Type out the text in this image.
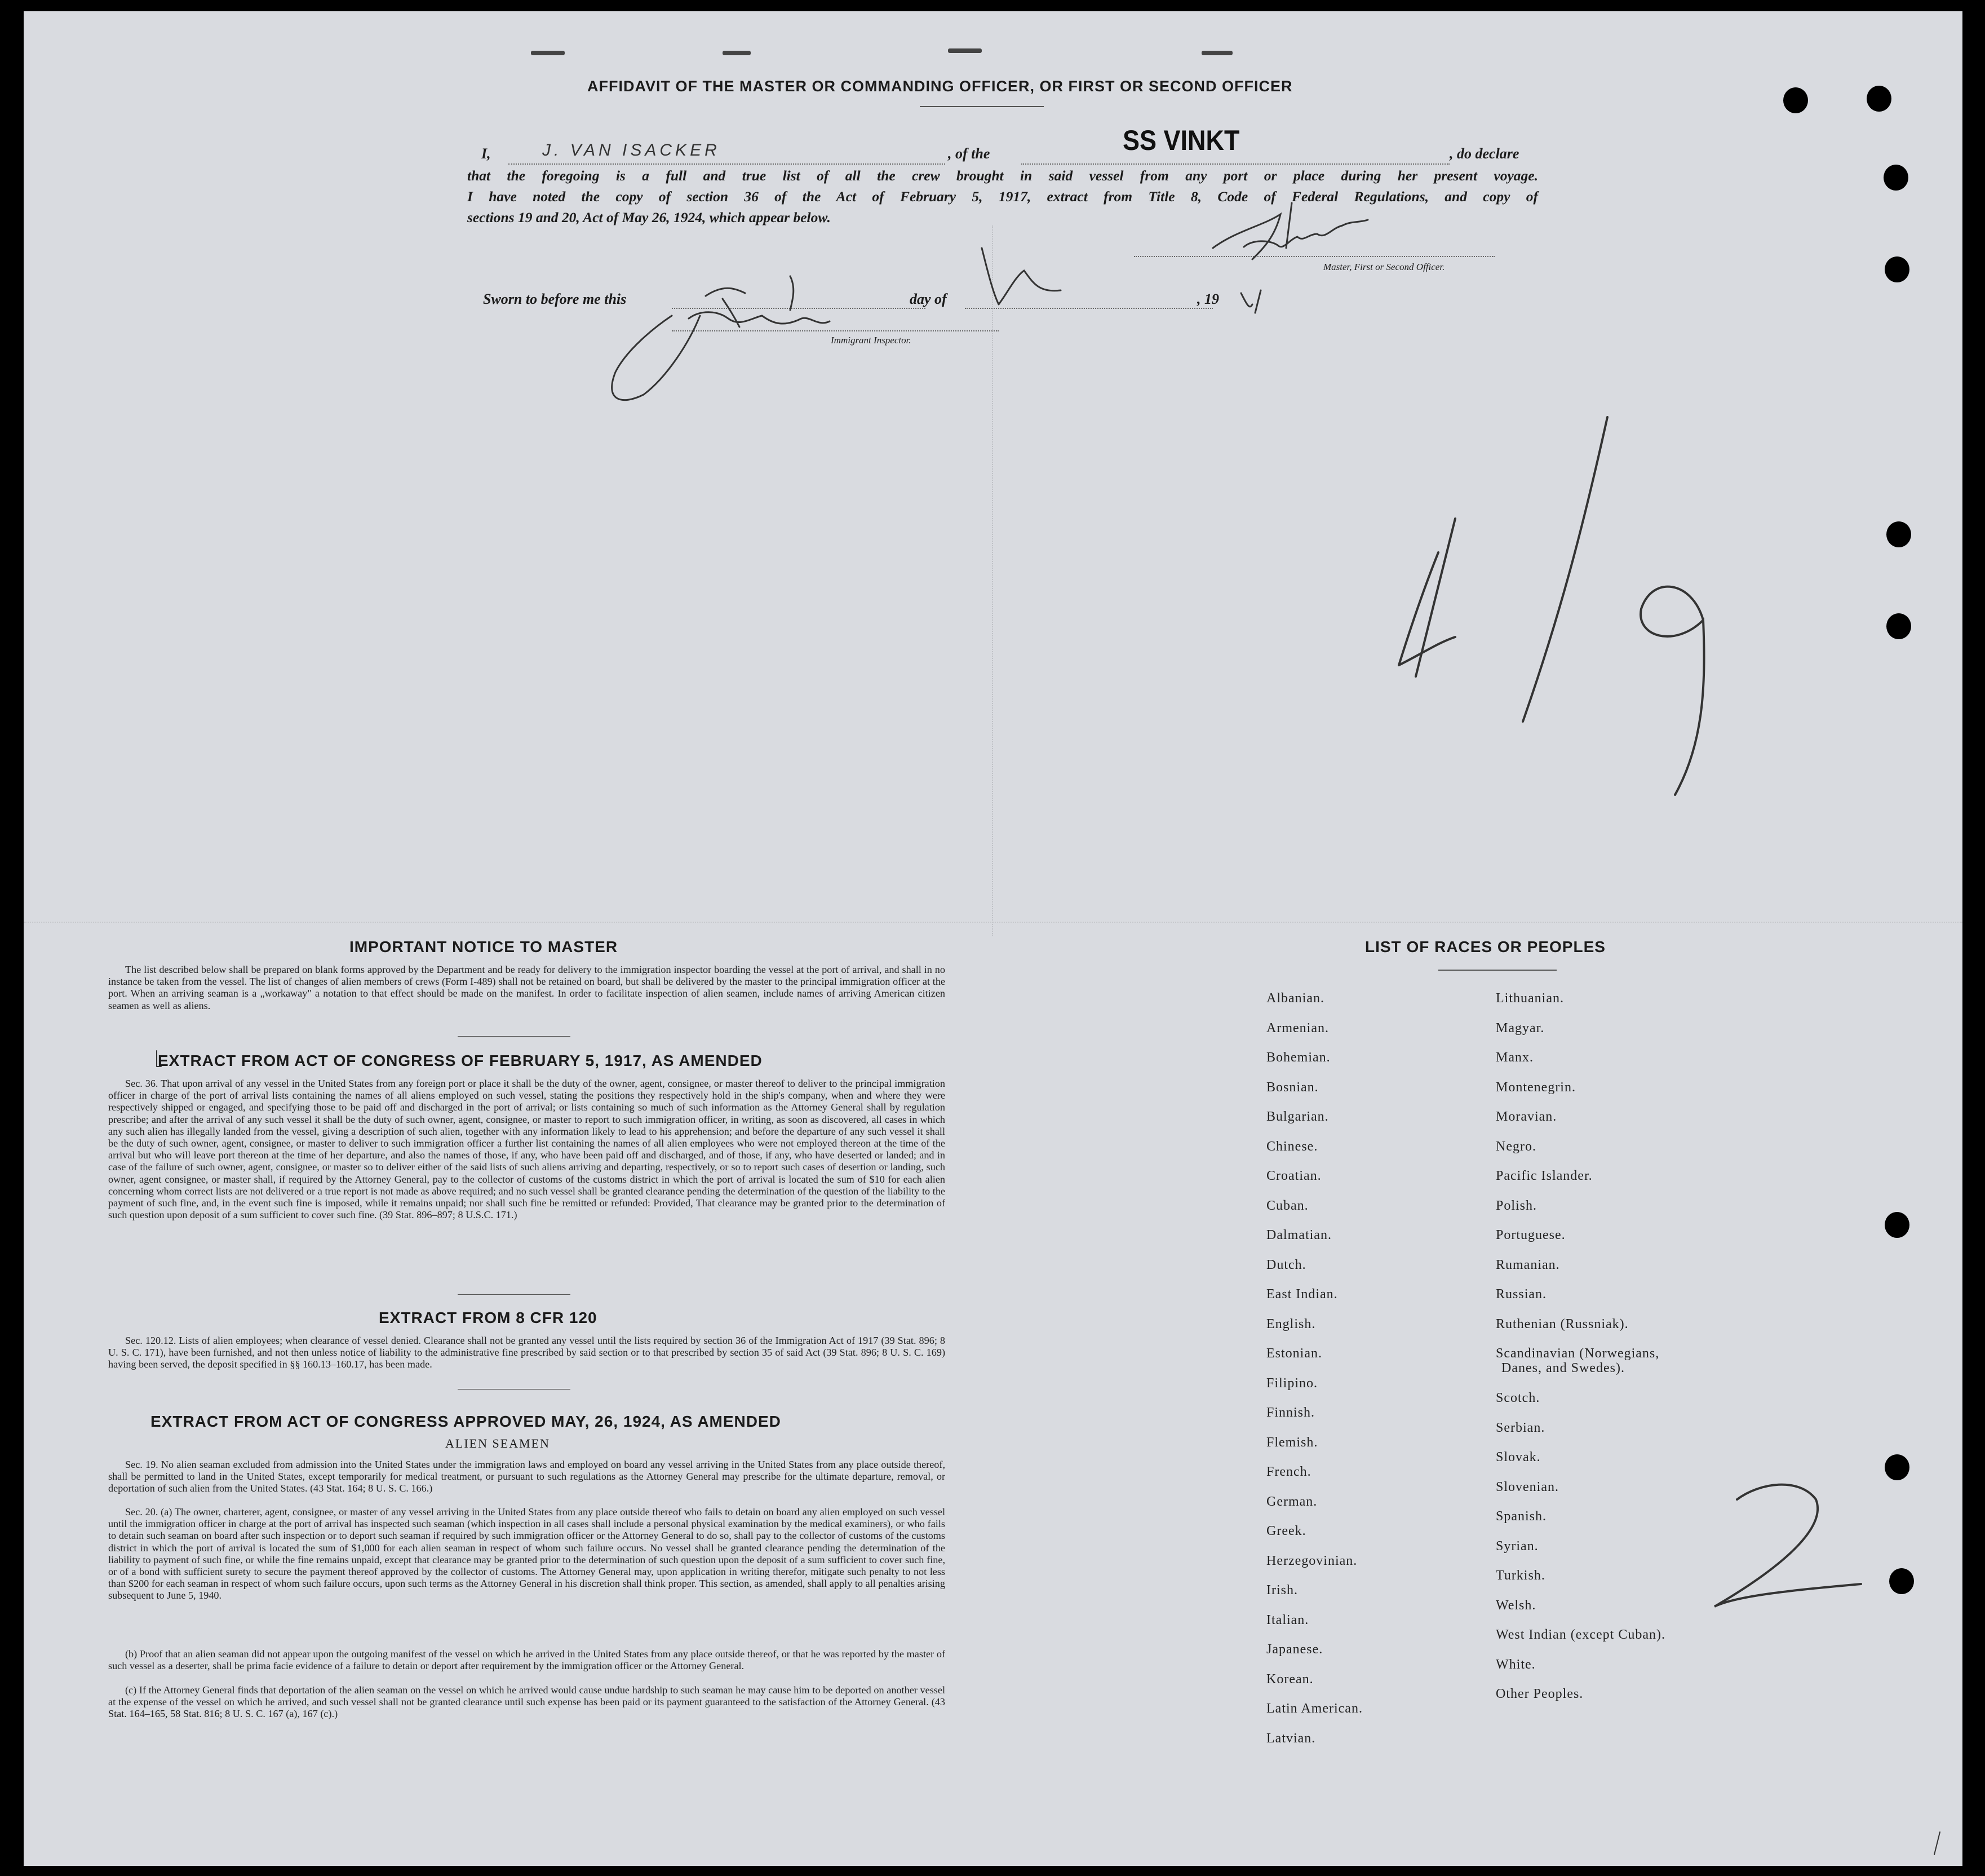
AFFIDAVIT OF THE MASTER OR COMMANDING OFFICER, OR FIRST OR SECOND OFFICER
I,	J. VAN ISACKER	, of the	SS VINKT	, do declare
that the foregoing is a full and true list of all the crew brought in said vessel from any port or place during her present voyage.
I have noted the copy of section 36 of the Act of February 5, 1917, extract from Title 8, Code of Federal Regulations, and copy of
sections 19 and 20, Act of May 26, 1924, which appear below.
Sworn to before me this	day of	, 19
Master, First or Second Officer.
Immigrant Inspector.
IMPORTANT NOTICE TO MASTER
The list described below shall be prepared on blank forms approved by the Department and be ready for delivery to the immigration inspector boarding the vessel at the port of arrival, and shall in no instance be taken from the vessel. The list of changes of alien members of crews (Form I-489) shall not be retained on board, but shall be delivered by the master to the principal immigration officer at the port. When an arriving seaman is a „workaway" a notation to that effect should be made on the manifest. In order to facilitate inspection of alien seamen, include names of arriving American citizen seamen as well as aliens.
EXTRACT FROM ACT OF CONGRESS OF FEBRUARY 5, 1917, AS AMENDED
Sec. 36. That upon arrival of any vessel in the United States from any foreign port or place it shall be the duty of the owner, agent, consignee, or master thereof to deliver to the principal immigration officer in charge of the port of arrival lists containing the names of all aliens employed on such vessel, stating the positions they respectively hold in the ship's company, when and where they were respectively shipped or engaged, and specifying those to be paid off and discharged in the port of arrival; or lists containing so much of such information as the Attorney General shall by regulation prescribe; and after the arrival of any such vessel it shall be the duty of such owner, agent, consignee, or master to report to such immigration officer, in writing, as soon as discovered, all cases in which any such alien has illegally landed from the vessel, giving a description of such alien, together with any information likely to lead to his apprehension; and before the departure of any such vessel it shall be the duty of such owner, agent, consignee, or master to deliver to such immigration officer a further list containing the names of all alien employees who were not employed thereon at the time of the arrival but who will leave port thereon at the time of her departure, and also the names of those, if any, who have been paid off and discharged, and of those, if any, who have deserted or landed; and in case of the failure of such owner, agent, consignee, or master so to deliver either of the said lists of such aliens arriving and departing, respectively, or so to report such cases of desertion or landing, such owner, agent consignee, or master shall, if required by the Attorney General, pay to the collector of customs of the customs district in which the port of arrival is located the sum of $10 for each alien concerning whom correct lists are not delivered or a true report is not made as above required; and no such vessel shall be granted clearance pending the determination of the question of the liability to the payment of such fine, and, in the event such fine is imposed, while it remains unpaid; nor shall such fine be remitted or refunded: Provided, That clearance may be granted prior to the determination of such question upon deposit of a sum sufficient to cover such fine. (39 Stat. 896–897; 8 U.S.C. 171.)
EXTRACT FROM 8 CFR 120
Sec. 120.12. Lists of alien employees; when clearance of vessel denied. Clearance shall not be granted any vessel until the lists required by section 36 of the Immigration Act of 1917 (39 Stat. 896; 8 U. S. C. 171), have been furnished, and not then unless notice of liability to the administrative fine prescribed by said section or to that prescribed by section 35 of said Act (39 Stat. 896; 8 U. S. C. 169) having been served, the deposit specified in §§ 160.13–160.17, has been made.
EXTRACT FROM ACT OF CONGRESS APPROVED MAY, 26, 1924, AS AMENDED
ALIEN SEAMEN
Sec. 19. No alien seaman excluded from admission into the United States under the immigration laws and employed on board any vessel arriving in the United States from any place outside thereof, shall be permitted to land in the United States, except temporarily for medical treatment, or pursuant to such regulations as the Attorney General may prescribe for the ultimate departure, removal, or deportation of such alien from the United States. (43 Stat. 164; 8 U. S. C. 166.)
Sec. 20. (a) The owner, charterer, agent, consignee, or master of any vessel arriving in the United States from any place outside thereof who fails to detain on board any alien employed on such vessel until the immigration officer in charge at the port of arrival has inspected such seaman (which inspection in all cases shall include a personal physical examination by the medical examiners), or who fails to detain such seaman on board after such inspection or to deport such seaman if required by such immigration officer or the Attorney General to do so, shall pay to the collector of customs of the customs district in which the port of arrival is located the sum of $1,000 for each alien seaman in respect of whom such failure occurs. No vessel shall be granted clearance pending the determination of the liability to payment of such fine, or while the fine remains unpaid, except that clearance may be granted prior to the determination of such question upon the deposit of a sum sufficient to cover such fine, or of a bond with sufficient surety to secure the payment thereof approved by the collector of customs. The Attorney General may, upon application in writing therefor, mitigate such penalty to not less than $200 for each seaman in respect of whom such failure occurs, upon such terms as the Attorney General in his discretion shall think proper. This section, as amended, shall apply to all penalties arising subsequent to June 5, 1940.
(b) Proof that an alien seaman did not appear upon the outgoing manifest of the vessel on which he arrived in the United States from any place outside thereof, or that he was reported by the master of such vessel as a deserter, shall be prima facie evidence of a failure to detain or deport after requirement by the immigration officer or the Attorney General.
(c) If the Attorney General finds that deportation of the alien seaman on the vessel on which he arrived would cause undue hardship to such seaman he may cause him to be deported on another vessel at the expense of the vessel on which he arrived, and such vessel shall not be granted clearance until such expense has been paid or its payment guaranteed to the satisfaction of the Attorney General. (43 Stat. 164–165, 58 Stat. 816; 8 U. S. C. 167 (a), 167 (c).)
LIST OF RACES OR PEOPLES
Albanian.
Armenian.
Bohemian.
Bosnian.
Bulgarian.
Chinese.
Croatian.
Cuban.
Dalmatian.
Dutch.
East Indian.
English.
Estonian.
Filipino.
Finnish.
Flemish.
French.
German.
Greek.
Herzegovinian.
Irish.
Italian.
Japanese.
Korean.
Latin American.
Latvian.
Lithuanian.
Magyar.
Manx.
Montenegrin.
Moravian.
Negro.
Pacific Islander.
Polish.
Portuguese.
Rumanian.
Russian.
Ruthenian (Russniak).
Scandinavian (Norwegians,
Danes, and Swedes).
Scotch.
Serbian.
Slovak.
Slovenian.
Spanish.
Syrian.
Turkish.
Welsh.
West Indian (except Cuban).
White.
Other Peoples.
